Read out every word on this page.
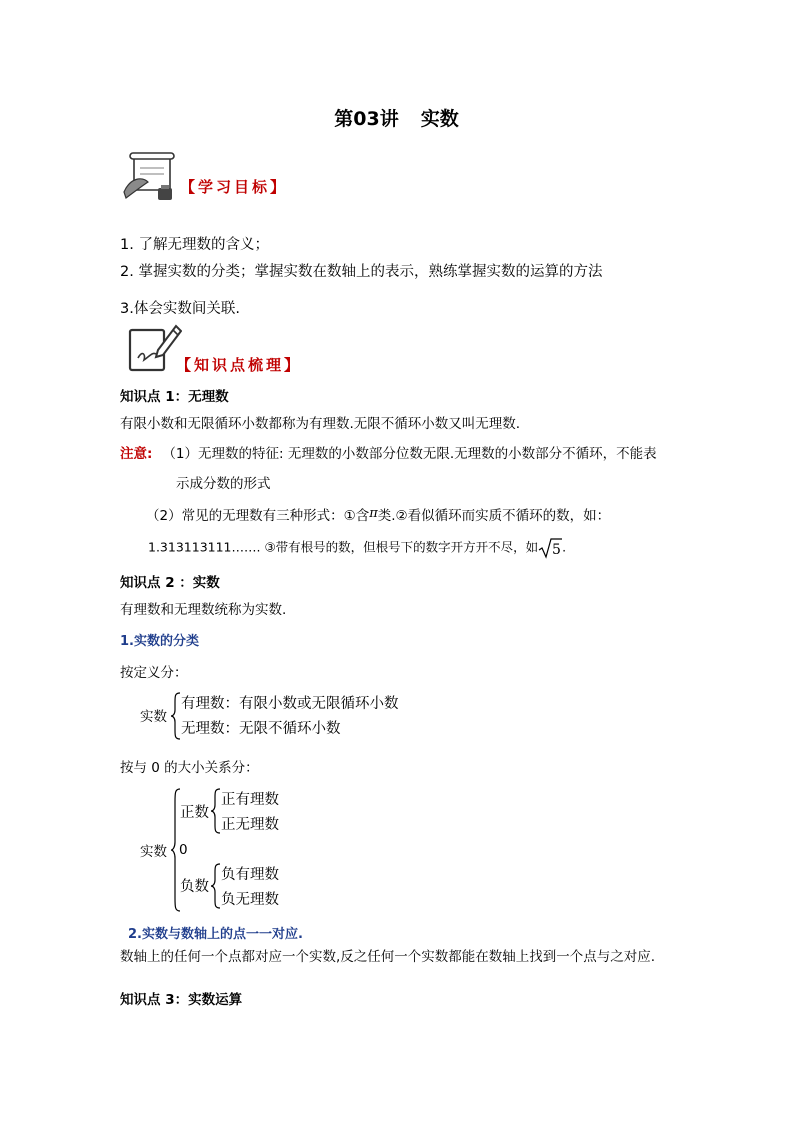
第03讲 实数
【学习目标】
1. 了解无理数的含义；
2. 掌握实数的分类；掌握实数在数轴上的表示，熟练掌握实数的运算的方法
3.体会实数间关联.
【知识点梳理】
知识点 1：无理数
有限小数和无限循环小数都称为有理数.无限不循环小数又叫无理数.
注意: （1）无理数的特征: 无理数的小数部分位数无限.无理数的小数部分不循环，不能表
示成分数的形式
（2）常见的无理数有三种形式：①含π类.②看似循环而实质不循环的数，如：
1.313113111……. ③带有根号的数，但根号下的数字开方开不尽，如 5 .
知识点 2 ：实数
有理数和无理数统称为实数.
1.实数的分类
按定义分：
实数
有理数：有限小数或无限循环小数
无理数：无限不循环小数
按与 0 的大小关系分：
实数
正数
正有理数
正无理数
0
负数
负有理数
负无理数
2.实数与数轴上的点一一对应.
数轴上的任何一个点都对应一个实数,反之任何一个实数都能在数轴上找到一个点与之对应.
知识点 3：实数运算
